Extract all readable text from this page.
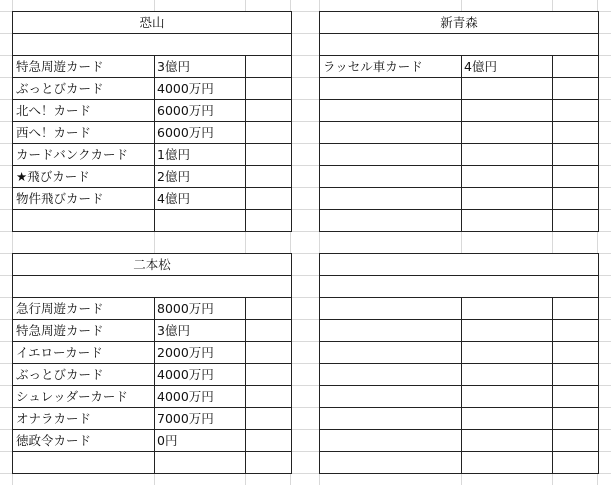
恐山		

特急周遊カード	3億円	
ぶっとびカード	4000万円	
北へ！カード	6000万円	
西へ！カード	6000万円	
カードバンクカード	1億円	
★飛びカード	2億円	
物件飛びカード	4億円	

新青森		

ラッセル車カード	4億円	

二本松		

急行周遊カード	8000万円	
特急周遊カード	3億円	
イエローカード	2000万円	
ぶっとびカード	4000万円	
シュレッダーカード	4000万円	
オナラカード	7000万円	
徳政令カード	0円	
